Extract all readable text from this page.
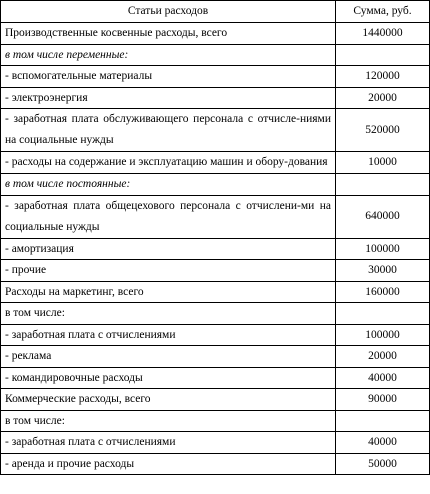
Статьи расходов	Сумма, руб.
Производственные косвенные расходы, всего	1440000
в том числе переменные:	
- вспомогательные материалы	120000
- электроэнергия	20000
- заработная плата обслуживающего персонала с отчисле-ниями на социальные нужды	520000
- расходы на содержание и эксплуатацию машин и обору-дования	10000
в том числе постоянные:	
- заработная плата общецехового персонала с отчислени-ми на социальные нужды	640000
- амортизация	100000
- прочие	30000
Расходы на маркетинг, всего	160000
в том числе:	
- заработная плата с отчислениями	100000
- реклама	20000
- командировочные расходы	40000
Коммерческие расходы, всего	90000
в том числе:	
- заработная плата с отчислениями	40000
- аренда и прочие расходы	50000
